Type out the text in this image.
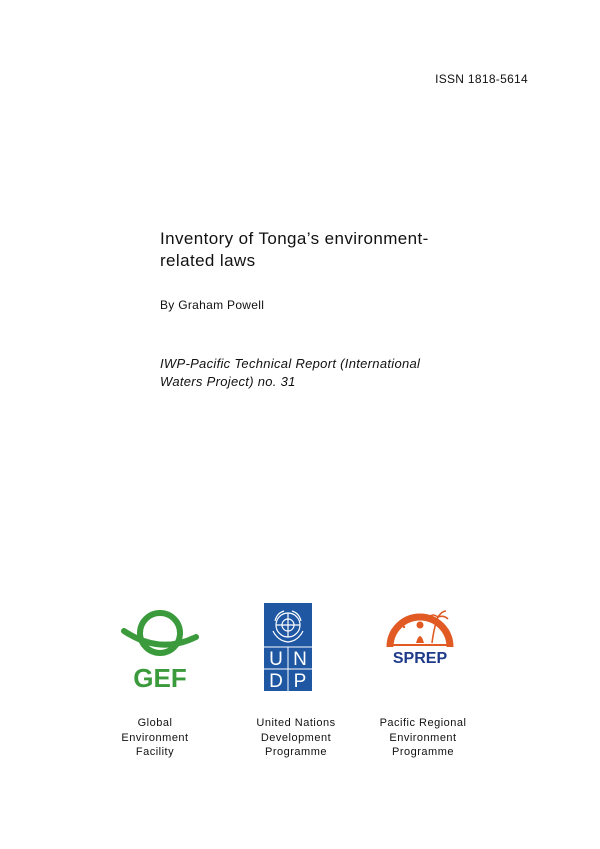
ISSN 1818-5614
Inventory of Tonga’s environment-
related laws
By Graham Powell
IWP-Pacific Technical Report (International
Waters Project) no. 31
GEF
U N
D P
SPREP
Global
Environment
Facility
United Nations
Development
Programme
Pacific Regional
Environment
Programme
